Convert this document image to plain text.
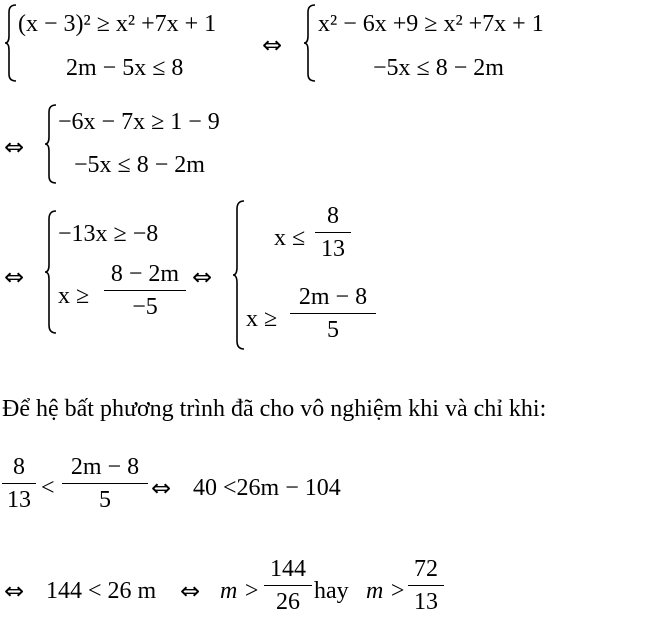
(x − 3)² ≥ x² +7x + 1
2m − 5x ≤ 8
⇔
x² − 6x +9 ≥ x² +7x + 1
−5x ≤ 8 − 2m
⇔
−6x − 7x ≥ 1 − 9
−5x ≤ 8 − 2m
⇔
−13x ≥ −8
x ≥
8 − 2m
−5
⇔
x ≤
8
13
x ≥
2m − 8
5
Để hệ bất phương trình đã cho vô nghiệm khi và chỉ khi:
8
13 <
2m − 8
5	⇔ 40 <26m − 104
⇔ 144 < 26 m ⇔ m >
144
26 hay m >
72
13
